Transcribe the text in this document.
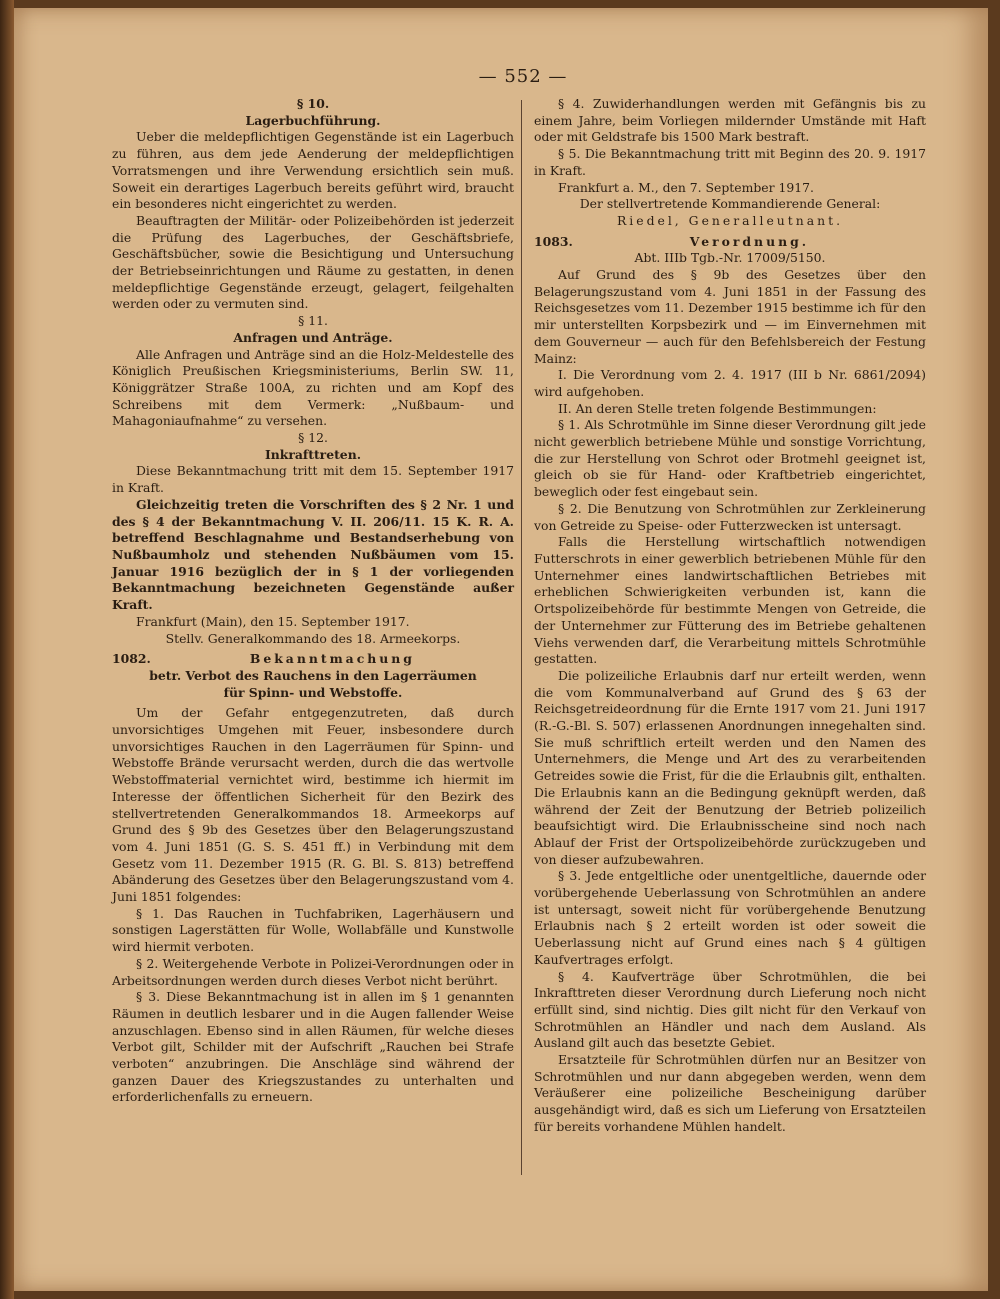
— 552 —

§ 10.

Lagerbuchführung.

Ueber die meldepflichtigen Gegenstände ist ein Lagerbuch zu führen, aus dem jede Aenderung der meldepflichtigen Vorratsmengen und ihre Verwendung ersichtlich sein muß. Soweit ein derartiges Lagerbuch bereits geführt wird, braucht ein besonderes nicht eingerichtet zu werden.

Beauftragten der Militär- oder Polizeibehörden ist jederzeit die Prüfung des Lagerbuches, der Geschäftsbriefe, Geschäftsbücher, sowie die Besichtigung und Untersuchung der Betriebseinrichtungen und Räume zu gestatten, in denen meldepflichtige Gegenstände erzeugt, gelagert, feilgehalten werden oder zu vermuten sind.

§ 11.

Anfragen und Anträge.

Alle Anfragen und Anträge sind an die Holz-Meldestelle des Königlich Preußischen Kriegsministeriums, Berlin SW. 11, Königgrätzer Straße 100A, zu richten und am Kopf des Schreibens mit dem Vermerk: „Nußbaum- und Mahagoniaufnahme“ zu versehen.

§ 12.

Inkrafttreten.

Diese Bekanntmachung tritt mit dem 15. September 1917 in Kraft.

Gleichzeitig treten die Vorschriften des § 2 Nr. 1 und des § 4 der Bekanntmachung V. II. 206/11. 15 K. R. A. betreffend Beschlagnahme und Bestandserhebung von Nußbaumholz und stehenden Nußbäumen vom 15. Januar 1916 bezüglich der in § 1 der vorliegenden Bekanntmachung bezeichneten Gegenstände außer Kraft.

Frankfurt (Main), den 15. September 1917.

Stellv. Generalkommando des 18. Armeekorps.

1082.	Bekanntmachung

betr. Verbot des Rauchens in den Lagerräumen

für Spinn- und Webstoffe.

Um der Gefahr entgegenzutreten, daß durch unvorsichtiges Umgehen mit Feuer, insbesondere durch unvorsichtiges Rauchen in den Lagerräumen für Spinn- und Webstoffe Brände verursacht werden, durch die das wertvolle Webstoffmaterial vernichtet wird, bestimme ich hiermit im Interesse der öffentlichen Sicherheit für den Bezirk des stellvertretenden Generalkommandos 18. Armeekorps auf Grund des § 9b des Gesetzes über den Belagerungszustand vom 4. Juni 1851 (G. S. S. 451 ff.) in Verbindung mit dem Gesetz vom 11. Dezember 1915 (R. G. Bl. S. 813) betreffend Abänderung des Gesetzes über den Belagerungszustand vom 4. Juni 1851 folgendes:

§ 1. Das Rauchen in Tuchfabriken, Lagerhäusern und sonstigen Lagerstätten für Wolle, Wollabfälle und Kunstwolle wird hiermit verboten.

§ 2. Weitergehende Verbote in Polizei-Verordnungen oder in Arbeitsordnungen werden durch dieses Verbot nicht berührt.

§ 3. Diese Bekanntmachung ist in allen im § 1 genannten Räumen in deutlich lesbarer und in die Augen fallender Weise anzuschlagen. Ebenso sind in allen Räumen, für welche dieses Verbot gilt, Schilder mit der Aufschrift „Rauchen bei Strafe verboten“ anzubringen. Die Anschläge sind während der ganzen Dauer des Kriegszustandes zu unterhalten und erforderlichenfalls zu erneuern.

§ 4. Zuwiderhandlungen werden mit Gefängnis bis zu einem Jahre, beim Vorliegen mildernder Umstände mit Haft oder mit Geldstrafe bis 1500 Mark bestraft.

§ 5. Die Bekanntmachung tritt mit Beginn des 20. 9. 1917 in Kraft.

Frankfurt a. M., den 7. September 1917.

Der stellvertretende Kommandierende General:

Riedel, Generalleutnant.

1083.	Verordnung.

Abt. IIIb Tgb.-Nr. 17009/5150.

Auf Grund des § 9b des Gesetzes über den Belagerungszustand vom 4. Juni 1851 in der Fassung des Reichsgesetzes vom 11. Dezember 1915 bestimme ich für den mir unterstellten Korpsbezirk und — im Einvernehmen mit dem Gouverneur — auch für den Befehlsbereich der Festung Mainz:

I. Die Verordnung vom 2. 4. 1917 (III b Nr. 6861/2094) wird aufgehoben.

II. An deren Stelle treten folgende Bestimmungen:

§ 1. Als Schrotmühle im Sinne dieser Verordnung gilt jede nicht gewerblich betriebene Mühle und sonstige Vorrichtung, die zur Herstellung von Schrot oder Brotmehl geeignet ist, gleich ob sie für Hand- oder Kraftbetrieb eingerichtet, beweglich oder fest eingebaut sein.

§ 2. Die Benutzung von Schrotmühlen zur Zerkleinerung von Getreide zu Speise- oder Futterzwecken ist untersagt.

Falls die Herstellung wirtschaftlich notwendigen Futterschrots in einer gewerblich betriebenen Mühle für den Unternehmer eines landwirtschaftlichen Betriebes mit erheblichen Schwierigkeiten verbunden ist, kann die Ortspolizeibehörde für bestimmte Mengen von Getreide, die der Unternehmer zur Fütterung des im Betriebe gehaltenen Viehs verwenden darf, die Verarbeitung mittels Schrotmühle gestatten.

Die polizeiliche Erlaubnis darf nur erteilt werden, wenn die vom Kommunalverband auf Grund des § 63 der Reichsgetreideordnung für die Ernte 1917 vom 21. Juni 1917 (R.-G.-Bl. S. 507) erlassenen Anordnungen innegehalten sind. Sie muß schriftlich erteilt werden und den Namen des Unternehmers, die Menge und Art des zu verarbeitenden Getreides sowie die Frist, für die die Erlaubnis gilt, enthalten. Die Erlaubnis kann an die Bedingung geknüpft werden, daß während der Zeit der Benutzung der Betrieb polizeilich beaufsichtigt wird. Die Erlaubnisscheine sind noch nach Ablauf der Frist der Ortspolizeibehörde zurückzugeben und von dieser aufzubewahren.

§ 3. Jede entgeltliche oder unentgeltliche, dauernde oder vorübergehende Ueberlassung von Schrotmühlen an andere ist untersagt, soweit nicht für vorübergehende Benutzung Erlaubnis nach § 2 erteilt worden ist oder soweit die Ueberlassung nicht auf Grund eines nach § 4 gültigen Kaufvertrages erfolgt.

§ 4. Kaufverträge über Schrotmühlen, die bei Inkrafttreten dieser Verordnung durch Lieferung noch nicht erfüllt sind, sind nichtig. Dies gilt nicht für den Verkauf von Schrotmühlen an Händler und nach dem Ausland. Als Ausland gilt auch das besetzte Gebiet.

Ersatzteile für Schrotmühlen dürfen nur an Besitzer von Schrotmühlen und nur dann abgegeben werden, wenn dem Veräußerer eine polizeiliche Bescheinigung darüber ausgehändigt wird, daß es sich um Lieferung von Ersatzteilen für bereits vorhandene Mühlen handelt.
